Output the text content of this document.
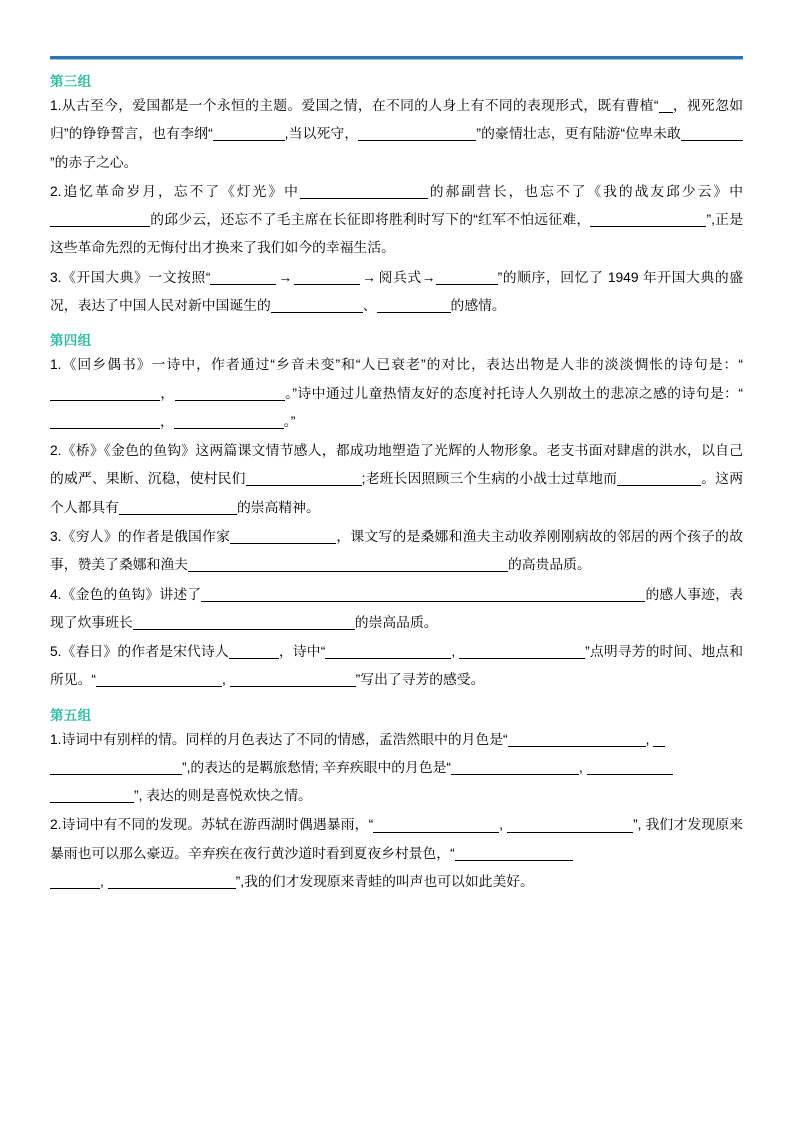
第三组
1.从古至今，爱国都是一个永恒的主题。爱国之情，在不同的人身上有不同的表现形式，既有曹植“ ，视死忽如归”的铮铮誓言，也有李纲“	,当以死守，	”的豪情壮志，更有陆游“位卑未敢”的赤子之心。
2.追忆革命岁月，忘不了《灯光》中	的郝副营长，也忘不了《我的战友邱少云》中的邱少云，还忘不了毛主席在长征即将胜利时写下的“红军不怕远征难，	”,正是这些革命先烈的无悔付出才换来了我们如今的幸福生活。
3.《开国大典》一文按照“	→	→ 阅兵式→	”的顺序，回忆了 1949 年开国大典的盛况，表达了中国人民对新中国诞生的	、	的感情。
第四组
1.《回乡偶书》一诗中，作者通过“乡音未变”和“人已衰老”的对比，表达出物是人非的淡淡惆怅的诗句是：“，	。”诗中通过儿童热情友好的态度衬托诗人久别故土的悲凉之感的诗句是：“，	。”
2.《桥》《金色的鱼钩》这两篇课文情节感人，都成功地塑造了光辉的人物形象。老支书面对肆虐的洪水，以自己的威严、果断、沉稳，使村民们	;老班长因照顾三个生病的小战士过草地而	。这两个人都具有	的崇高精神。
3.《穷人》的作者是俄国作家	，课文写的是桑娜和渔夫主动收养刚刚病故的邻居的两个孩子的故事，赞美了桑娜和渔夫	的高贵品质。
4.《金色的鱼钩》讲述了	的感人事迹，表现了炊事班长	的崇高品质。
5.《春日》的作者是宋代诗人	，诗中“	,	”点明寻芳的时间、地点和所见。“	,	”写出了寻芳的感受。
第五组
1.诗词中有别样的情。同样的月色表达了不同的情感，孟浩然眼中的月色是“	,
”,的表达的是羁旅愁情; 辛弃疾眼中的月色是“	,
”, 表达的则是喜悦欢快之情。
2.诗词中有不同的发现。苏轼在游西湖时偶遇暴雨，“	,	”, 我们才发现原来暴雨也可以那么豪迈。辛弃疾在夜行黄沙道时看到夏夜乡村景色，“
,	”,我的们才发现原来青蛙的叫声也可以如此美好。
